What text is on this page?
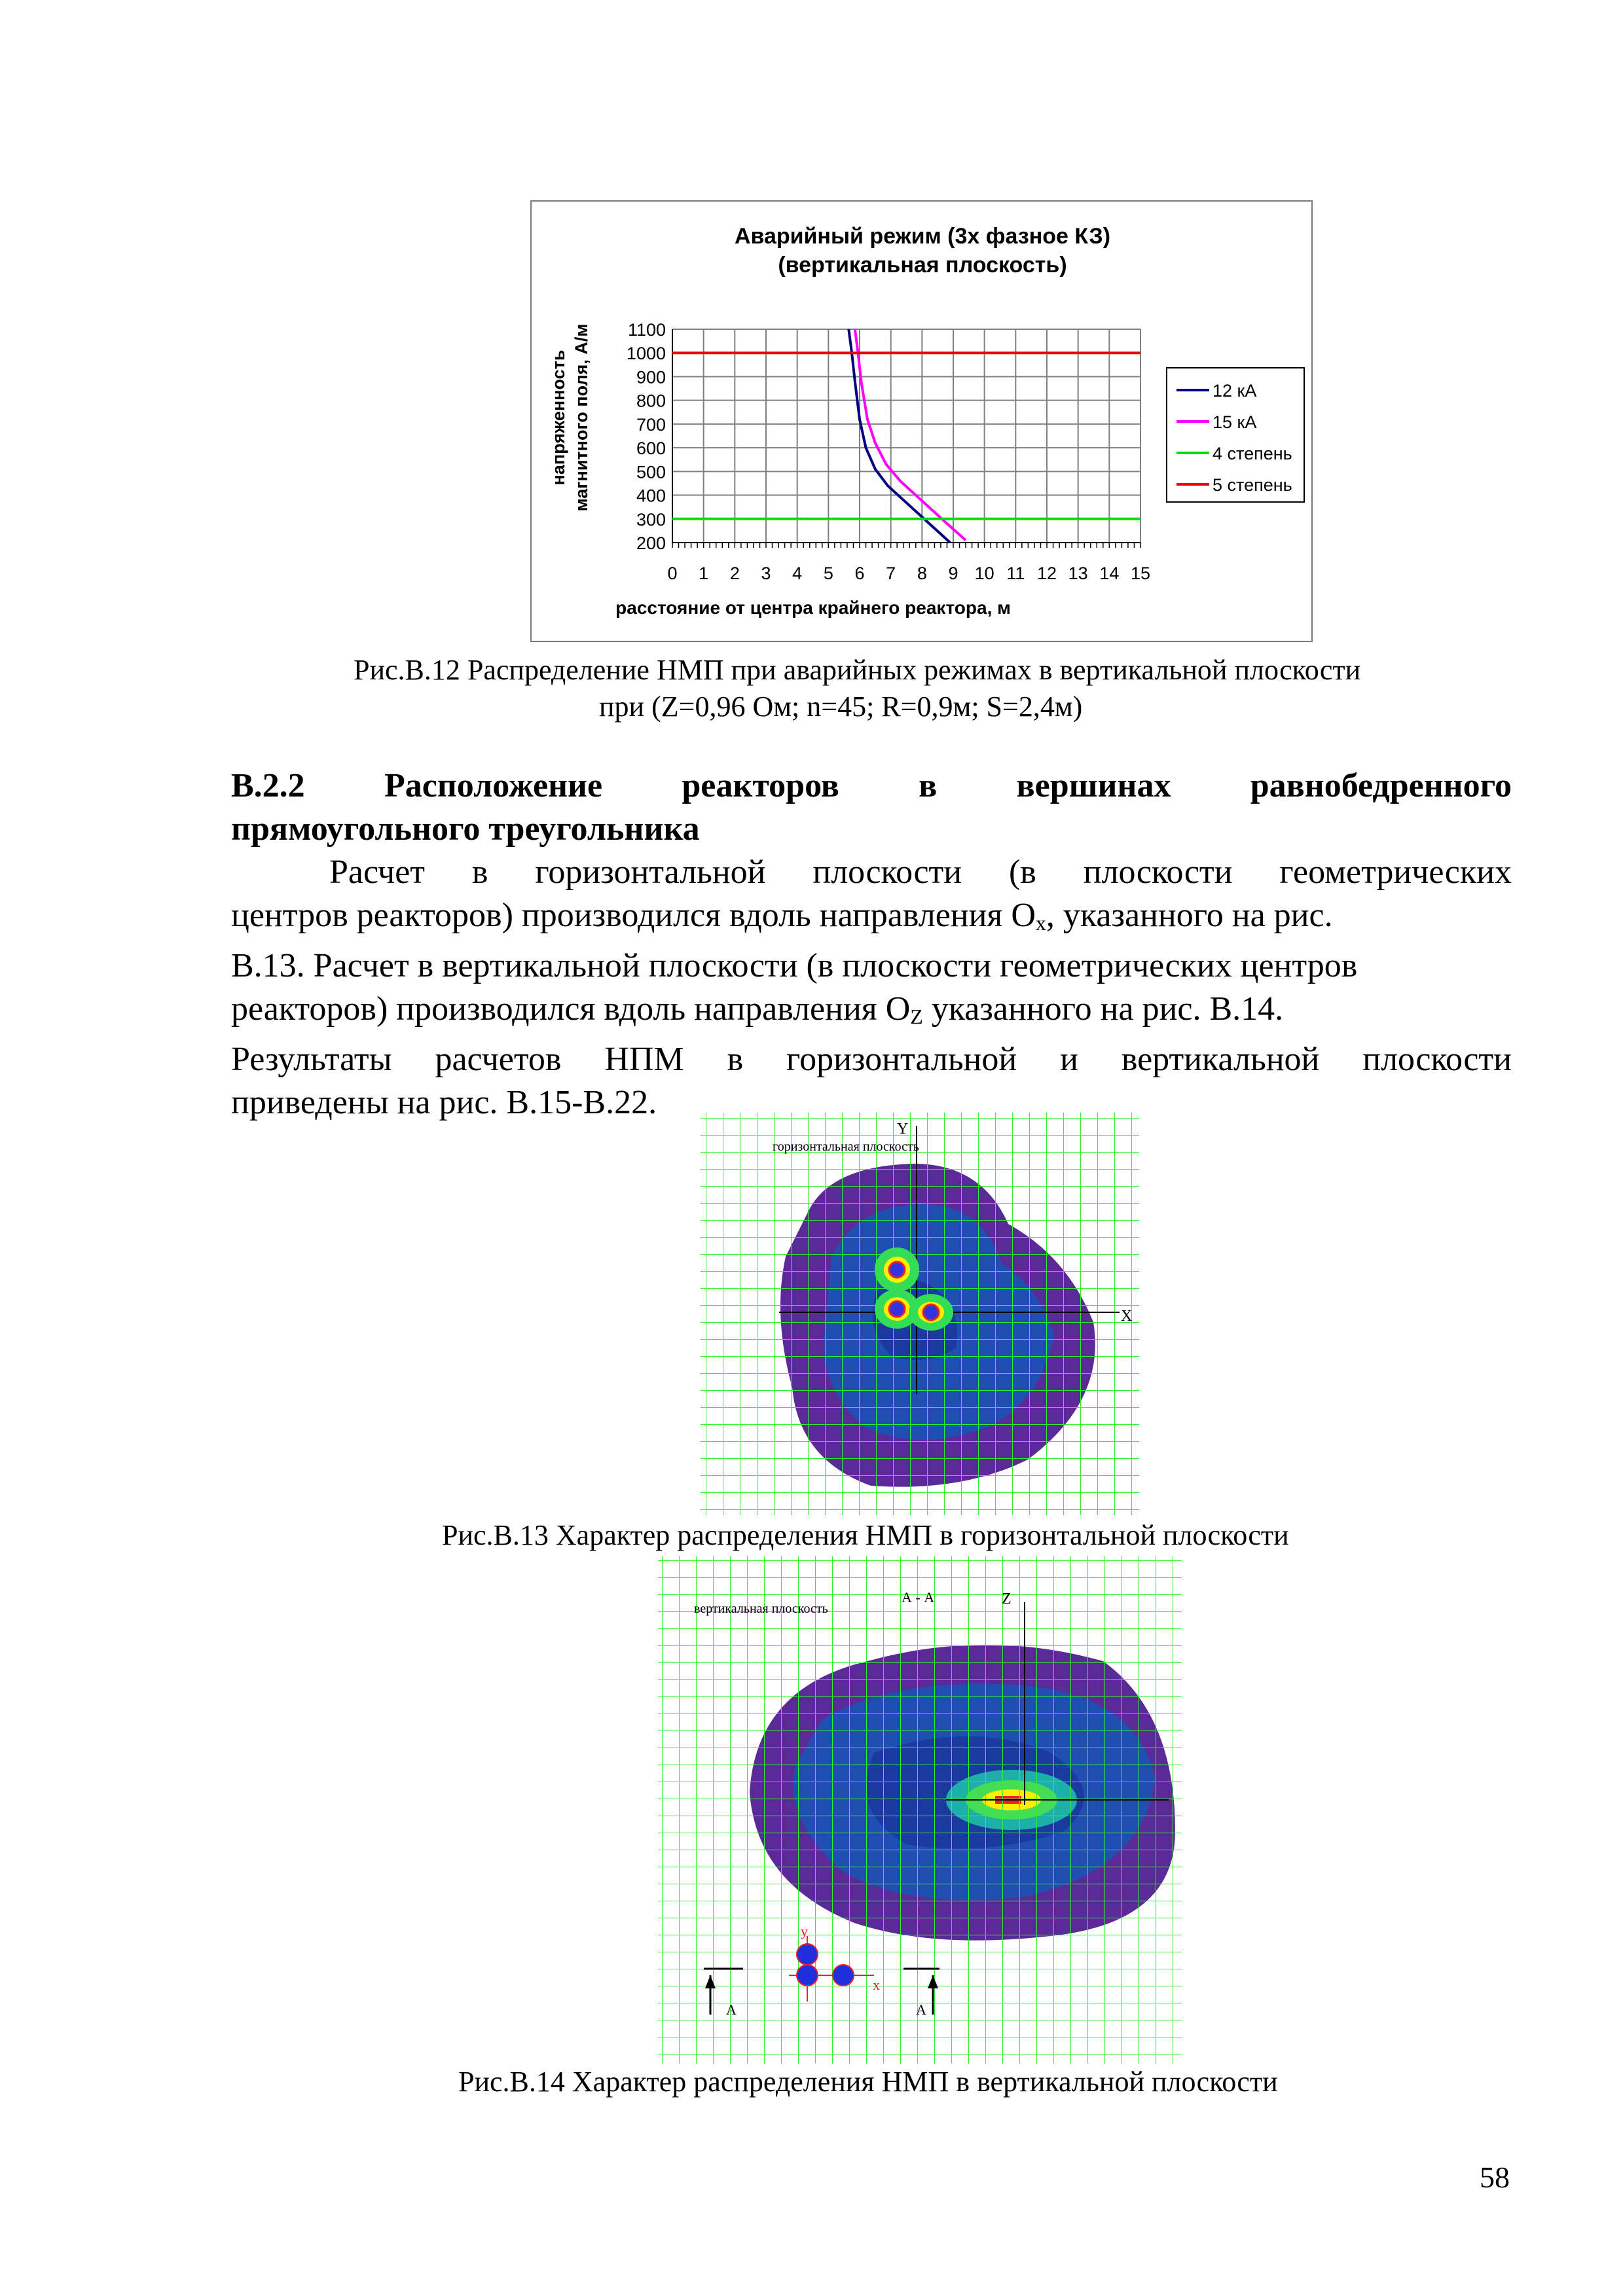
Аварийный режим (3х фазное КЗ)
(вертикальная плоскость)
200
300
400
500
600
700
800
900
1000
1100
0 1 2 3 4 5 6 7 8 9 10 11 12 13 14 15
напряженность магнитного поля, А/м
расстояние от центра крайнего реактора, м
12 кА
15 кА
4 степень
5 степень
Рис.В.12 Распределение НМП при аварийных режимах в вертикальной плоскости
при (Z=0,96 Ом; n=45; R=0,9м; S=2,4м)
В.2.2 Расположение реакторов в вершинах равнобедренного
прямоугольного треугольника
Расчет в горизонтальной плоскости (в плоскости геометрических
центров реакторов) производился вдоль направления Ox, указанного на рис.
В.13. Расчет в вертикальной плоскости (в плоскости геометрических центров
реакторов) производился вдоль направления OZ указанного на рис. В.14.
Результаты расчетов НПМ в горизонтальной и вертикальной плоскости
приведены на рис. В.15-В.22.
горизонтальная плоскость
Y
X
Рис.В.13 Характер распределения НМП в горизонтальной плоскости
вертикальная плоскость
А - А	Z
y
x
А	А
Рис.В.14 Характер распределения НМП в вертикальной плоскости
58
